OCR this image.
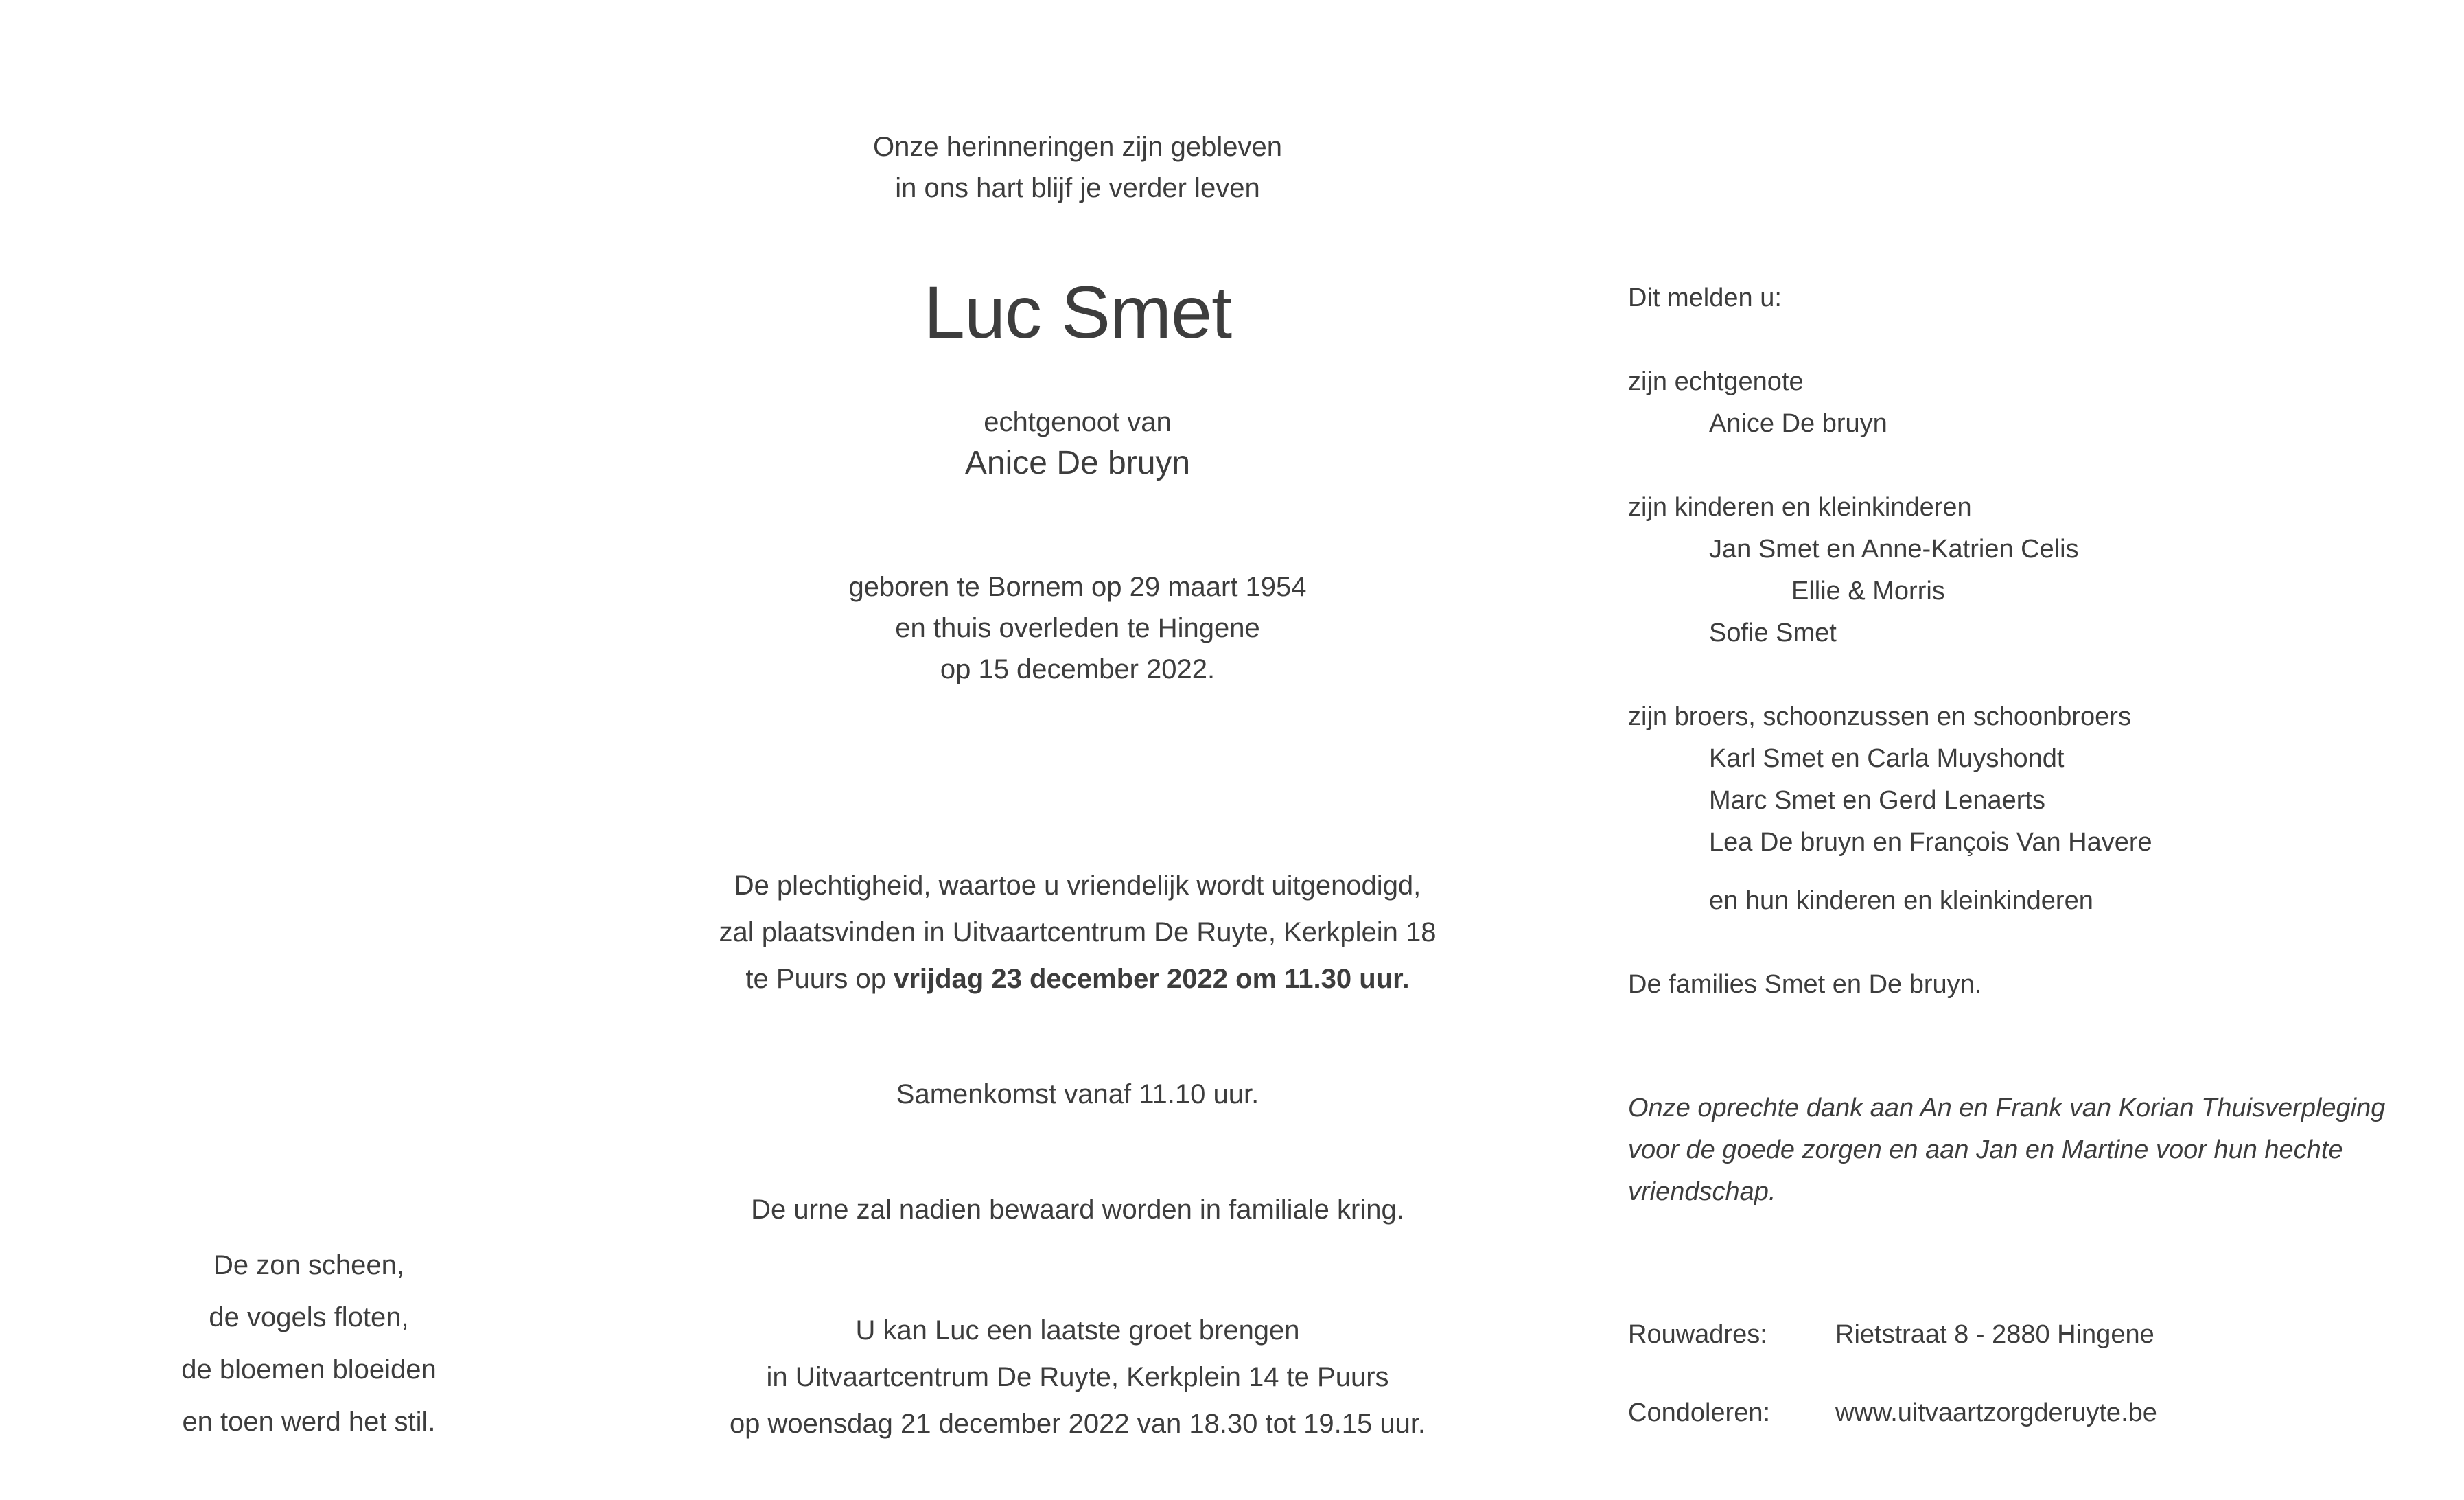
Onze herinneringen zijn gebleven
in ons hart blijf je verder leven
Luc Smet
echtgenoot van
Anice De bruyn
geboren te Bornem op 29 maart 1954
en thuis overleden te Hingene
op 15 december 2022.
De plechtigheid, waartoe u vriendelijk wordt uitgenodigd,
zal plaatsvinden in Uitvaartcentrum De Ruyte, Kerkplein 18
te Puurs op vrijdag 23 december 2022 om 11.30 uur.
Samenkomst vanaf 11.10 uur.
De urne zal nadien bewaard worden in familiale kring.
U kan Luc een laatste groet brengen
in Uitvaartcentrum De Ruyte, Kerkplein 14 te Puurs
op woensdag 21 december 2022 van 18.30 tot 19.15 uur.
De zon scheen,
de vogels floten,
de bloemen bloeiden
en toen werd het stil.
Dit melden u:
zijn echtgenote
Anice De bruyn
zijn kinderen en kleinkinderen
Jan Smet en Anne-Katrien Celis
Ellie & Morris
Sofie Smet
zijn broers, schoonzussen en schoonbroers
Karl Smet en Carla Muyshondt
Marc Smet en Gerd Lenaerts
Lea De bruyn en François Van Havere
en hun kinderen en kleinkinderen
De families Smet en De bruyn.
Onze oprechte dank aan An en Frank van Korian Thuisverpleging
voor de goede zorgen en aan Jan en Martine voor hun hechte
vriendschap.
Rouwadres:	Rietstraat 8 - 2880 Hingene
Condoleren:	www.uitvaartzorgderuyte.be
